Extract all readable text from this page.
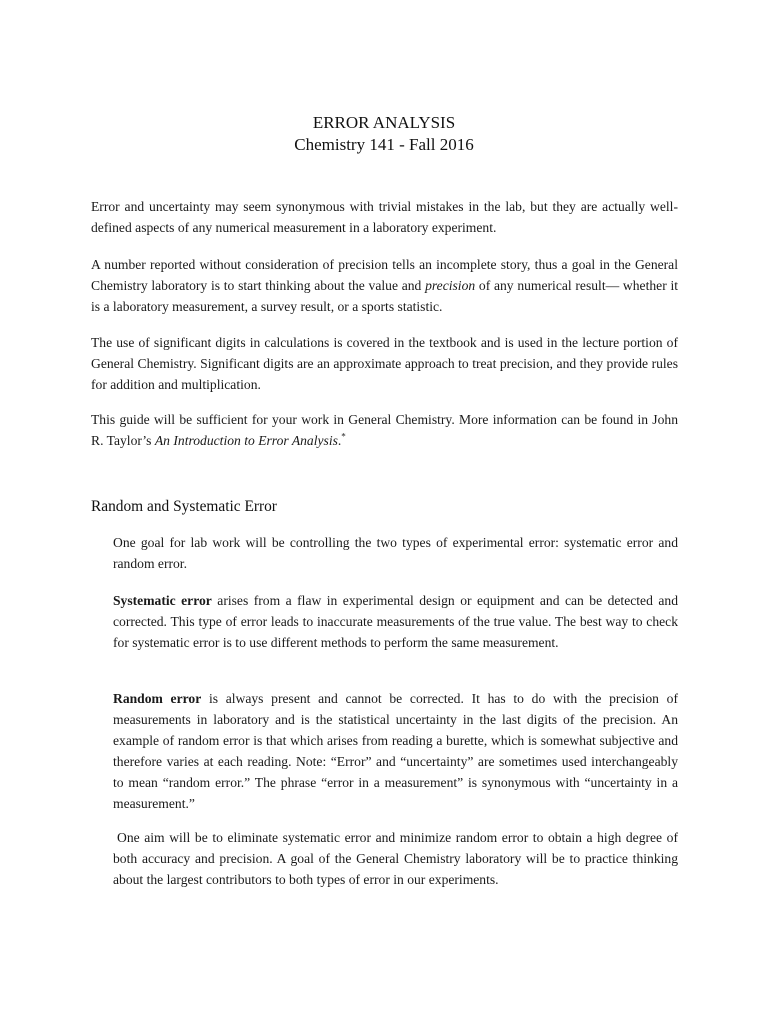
ERROR ANALYSIS
Chemistry 141 - Fall 2016

Error and uncertainty may seem synonymous with trivial mistakes in the lab, but they are actually well-defined aspects of any numerical measurement in a laboratory experiment.

A number reported without consideration of precision tells an incomplete story, thus a goal in the General Chemistry laboratory is to start thinking about the value and precision of any numerical result— whether it is a laboratory measurement, a survey result, or a sports statistic.

The use of significant digits in calculations is covered in the textbook and is used in the lecture portion of General Chemistry. Significant digits are an approximate approach to treat precision, and they provide rules for addition and multiplication.

This guide will be sufficient for your work in General Chemistry. More information can be found in John R. Taylor’s An Introduction to Error Analysis.*

Random and Systematic Error

One goal for lab work will be controlling the two types of experimental error: systematic error and random error.

Systematic error arises from a flaw in experimental design or equipment and can be detected and corrected. This type of error leads to inaccurate measurements of the true value. The best way to check for systematic error is to use different methods to perform the same measurement.

Random error is always present and cannot be corrected. It has to do with the precision of measurements in laboratory and is the statistical uncertainty in the last digits of the precision. An example of random error is that which arises from reading a burette, which is somewhat subjective and therefore varies at each reading. Note: “Error” and “uncertainty” are sometimes used interchangeably to mean “random error.” The phrase “error in a measurement” is synonymous with “uncertainty in a measurement.”

One aim will be to eliminate systematic error and minimize random error to obtain a high degree of both accuracy and precision. A goal of the General Chemistry laboratory will be to practice thinking about the largest contributors to both types of error in our experiments.
